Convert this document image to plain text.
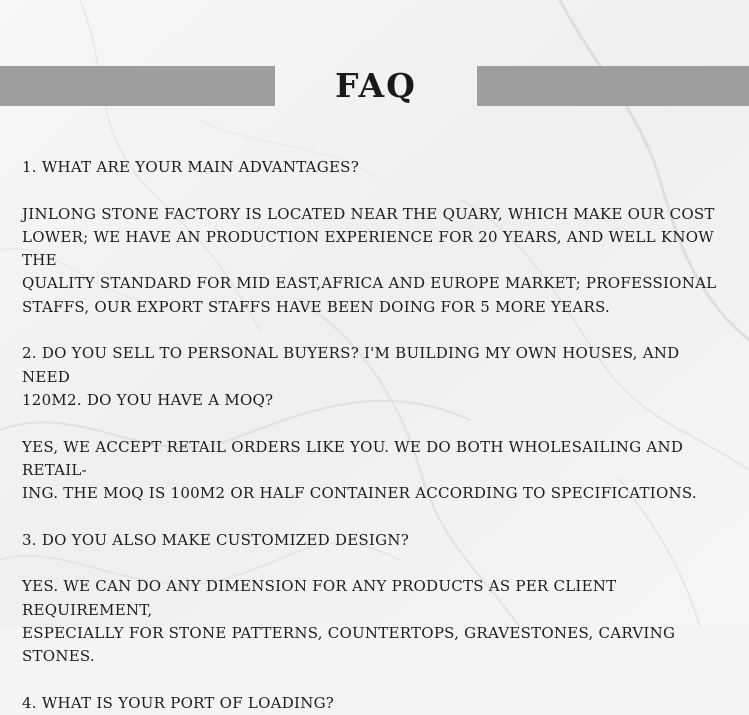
FAQ

1. WHAT ARE YOUR MAIN ADVANTAGES?

JINLONG STONE FACTORY IS LOCATED NEAR THE QUARY, WHICH MAKE OUR COST
LOWER; WE HAVE AN PRODUCTION EXPERIENCE FOR 20 YEARS, AND WELL KNOW THE
QUALITY STANDARD FOR MID EAST,AFRICA AND EUROPE MARKET; PROFESSIONAL
STAFFS, OUR EXPORT STAFFS HAVE BEEN DOING FOR 5 MORE YEARS.

2. DO YOU SELL TO PERSONAL BUYERS? I'M BUILDING MY OWN HOUSES, AND NEED
120M2. DO YOU HAVE A MOQ?

YES, WE ACCEPT RETAIL ORDERS LIKE YOU. WE DO BOTH WHOLESAILING AND RETAIL-
ING. THE MOQ IS 100M2 OR HALF CONTAINER ACCORDING TO SPECIFICATIONS.

3. DO YOU ALSO MAKE CUSTOMIZED DESIGN?

YES. WE CAN DO ANY DIMENSION FOR ANY PRODUCTS AS PER CLIENT REQUIREMENT,
ESPECIALLY FOR STONE PATTERNS, COUNTERTOPS, GRAVESTONES, CARVING STONES.

4. WHAT IS YOUR PORT OF LOADING?
